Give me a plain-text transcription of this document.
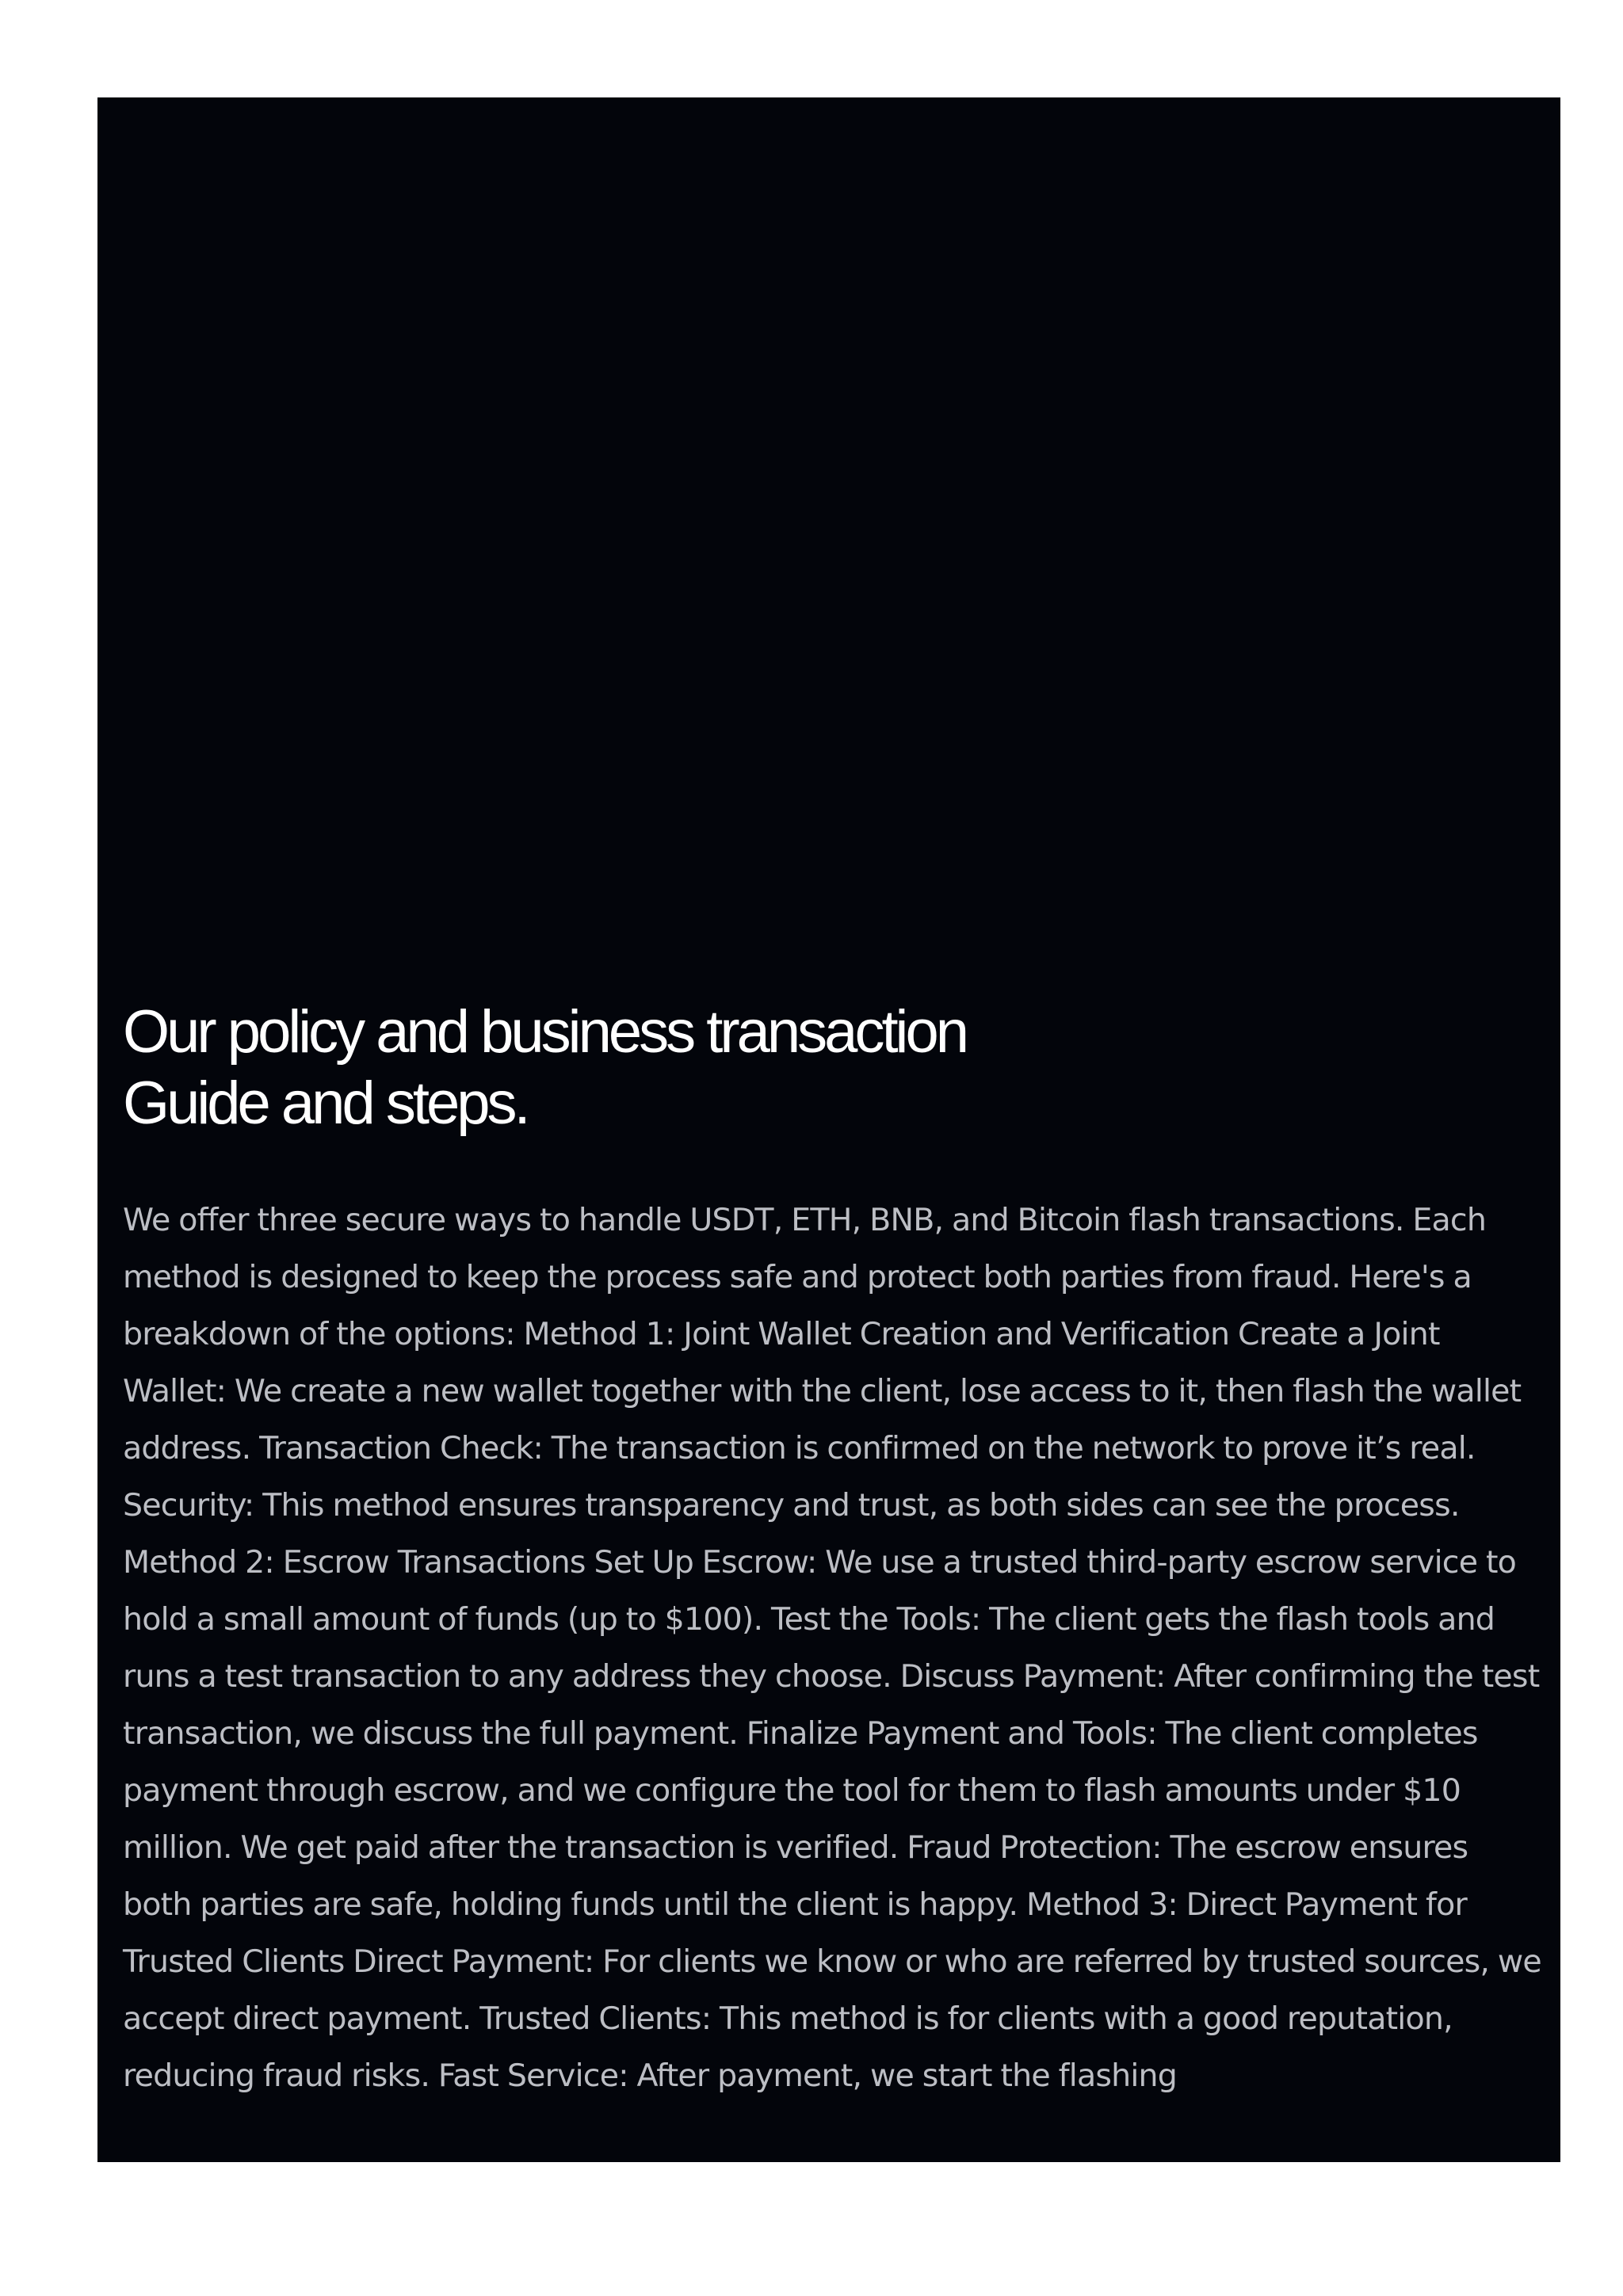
Our policy and business transaction
Guide and steps.

We offer three secure ways to handle USDT, ETH, BNB, and Bitcoin flash transactions. Each method is designed to keep the process safe and protect both parties from fraud. Here's a breakdown of the options: Method 1: Joint Wallet Creation and Verification Create a Joint Wallet: We create a new wallet together with the client, lose access to it, then flash the wallet address. Transaction Check: The transaction is confirmed on the network to prove it’s real. Security: This method ensures transparency and trust, as both sides can see the process. Method 2: Escrow Transactions Set Up Escrow: We use a trusted third-party escrow service to hold a small amount of funds (up to $100). Test the Tools: The client gets the flash tools and runs a test transaction to any address they choose. Discuss Payment: After confirming the test transaction, we discuss the full payment. Finalize Payment and Tools: The client completes payment through escrow, and we configure the tool for them to flash amounts under $10 million. We get paid after the transaction is verified. Fraud Protection: The escrow ensures both parties are safe, holding funds until the client is happy. Method 3: Direct Payment for Trusted Clients Direct Payment: For clients we know or who are referred by trusted sources, we accept direct payment. Trusted Clients: This method is for clients with a good reputation, reducing fraud risks. Fast Service: After payment, we start the flashing
